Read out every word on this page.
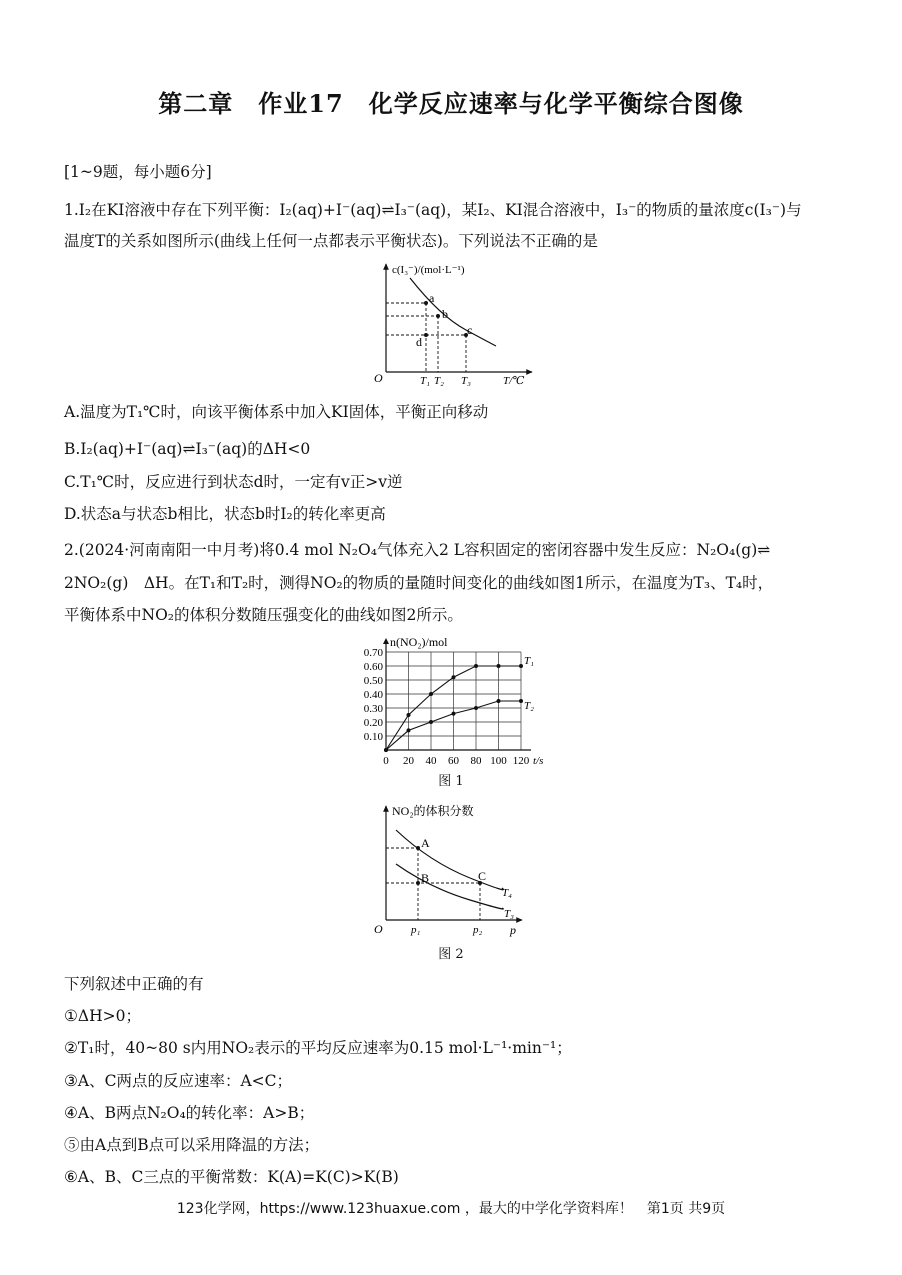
第二章　作业17　化学反应速率与化学平衡综合图像
[1~9题，每小题6分]
1.I₂在KI溶液中存在下列平衡：I₂(aq)+I⁻(aq)⇌I₃⁻(aq)，某I₂、KI混合溶液中，I₃⁻的物质的量浓度c(I₃⁻)与
温度T的关系如图所示(曲线上任何一点都表示平衡状态)。下列说法不正确的是
c(I₃⁻)/(mol·L⁻¹)
a
b
c
d
O	T₁ T₂ T₃	T/℃
A.温度为T₁℃时，向该平衡体系中加入KI固体，平衡正向移动
B.I₂(aq)+I⁻(aq)⇌I₃⁻(aq)的ΔH<0
C.T₁℃时，反应进行到状态d时，一定有v正>v逆
D.状态a与状态b相比，状态b时I₂的转化率更高
2.(2024·河南南阳一中月考)将0.4 mol N₂O₄气体充入2 L容积固定的密闭容器中发生反应：N₂O₄(g)⇌
2NO₂(g)　ΔH。在T₁和T₂时，测得NO₂的物质的量随时间变化的曲线如图1所示，在温度为T₃、T₄时，
平衡体系中NO₂的体积分数随压强变化的曲线如图2所示。
0.10
0.20
0.30
0.40
0.50
0.60
0.70
0 20 40 60 80 100 120 t/s
n(NO₂)/mol
T₁
T₂
图 1
NO₂的体积分数
A
B	C
T₄
T₃
O	p₁	p₂ p
图 2
下列叙述中正确的有
①ΔH>0；
②T₁时，40~80 s内用NO₂表示的平均反应速率为0.15 mol·L⁻¹·min⁻¹；
③A、C两点的反应速率：A<C；
④A、B两点N₂O₄的转化率：A>B；
⑤由A点到B点可以采用降温的方法；
⑥A、B、C三点的平衡常数：K(A)=K(C)>K(B)
123化学网，https://www.123huaxue.com ，最大的中学化学资料库！　第1页 共9页
